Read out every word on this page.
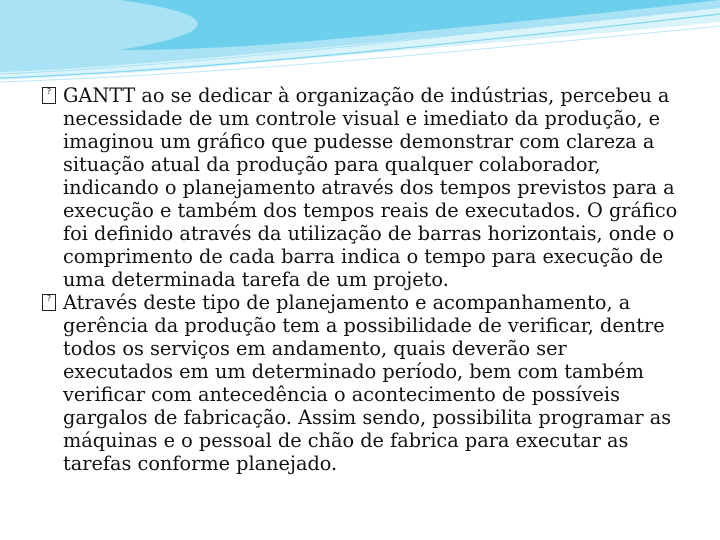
? GANTT ao se dedicar à organização de indústrias, percebeu a necessidade de um controle visual e imediato da produção, e imaginou um gráfico que pudesse demonstrar com clareza a situação atual da produção para qualquer colaborador, indicando o planejamento através dos tempos previstos para a execução e também dos tempos reais de executados. O gráfico foi definido através da utilização de barras horizontais, onde o comprimento de cada barra indica o tempo para execução de uma determinada tarefa de um projeto.
? Através deste tipo de planejamento e acompanhamento, a gerência da produção tem a possibilidade de verificar, dentre todos os serviços em andamento, quais deverão ser executados em um determinado período, bem com também verificar com antecedência o acontecimento de possíveis gargalos de fabricação. Assim sendo, possibilita programar as máquinas e o pessoal de chão de fabrica para executar as tarefas conforme planejado.
